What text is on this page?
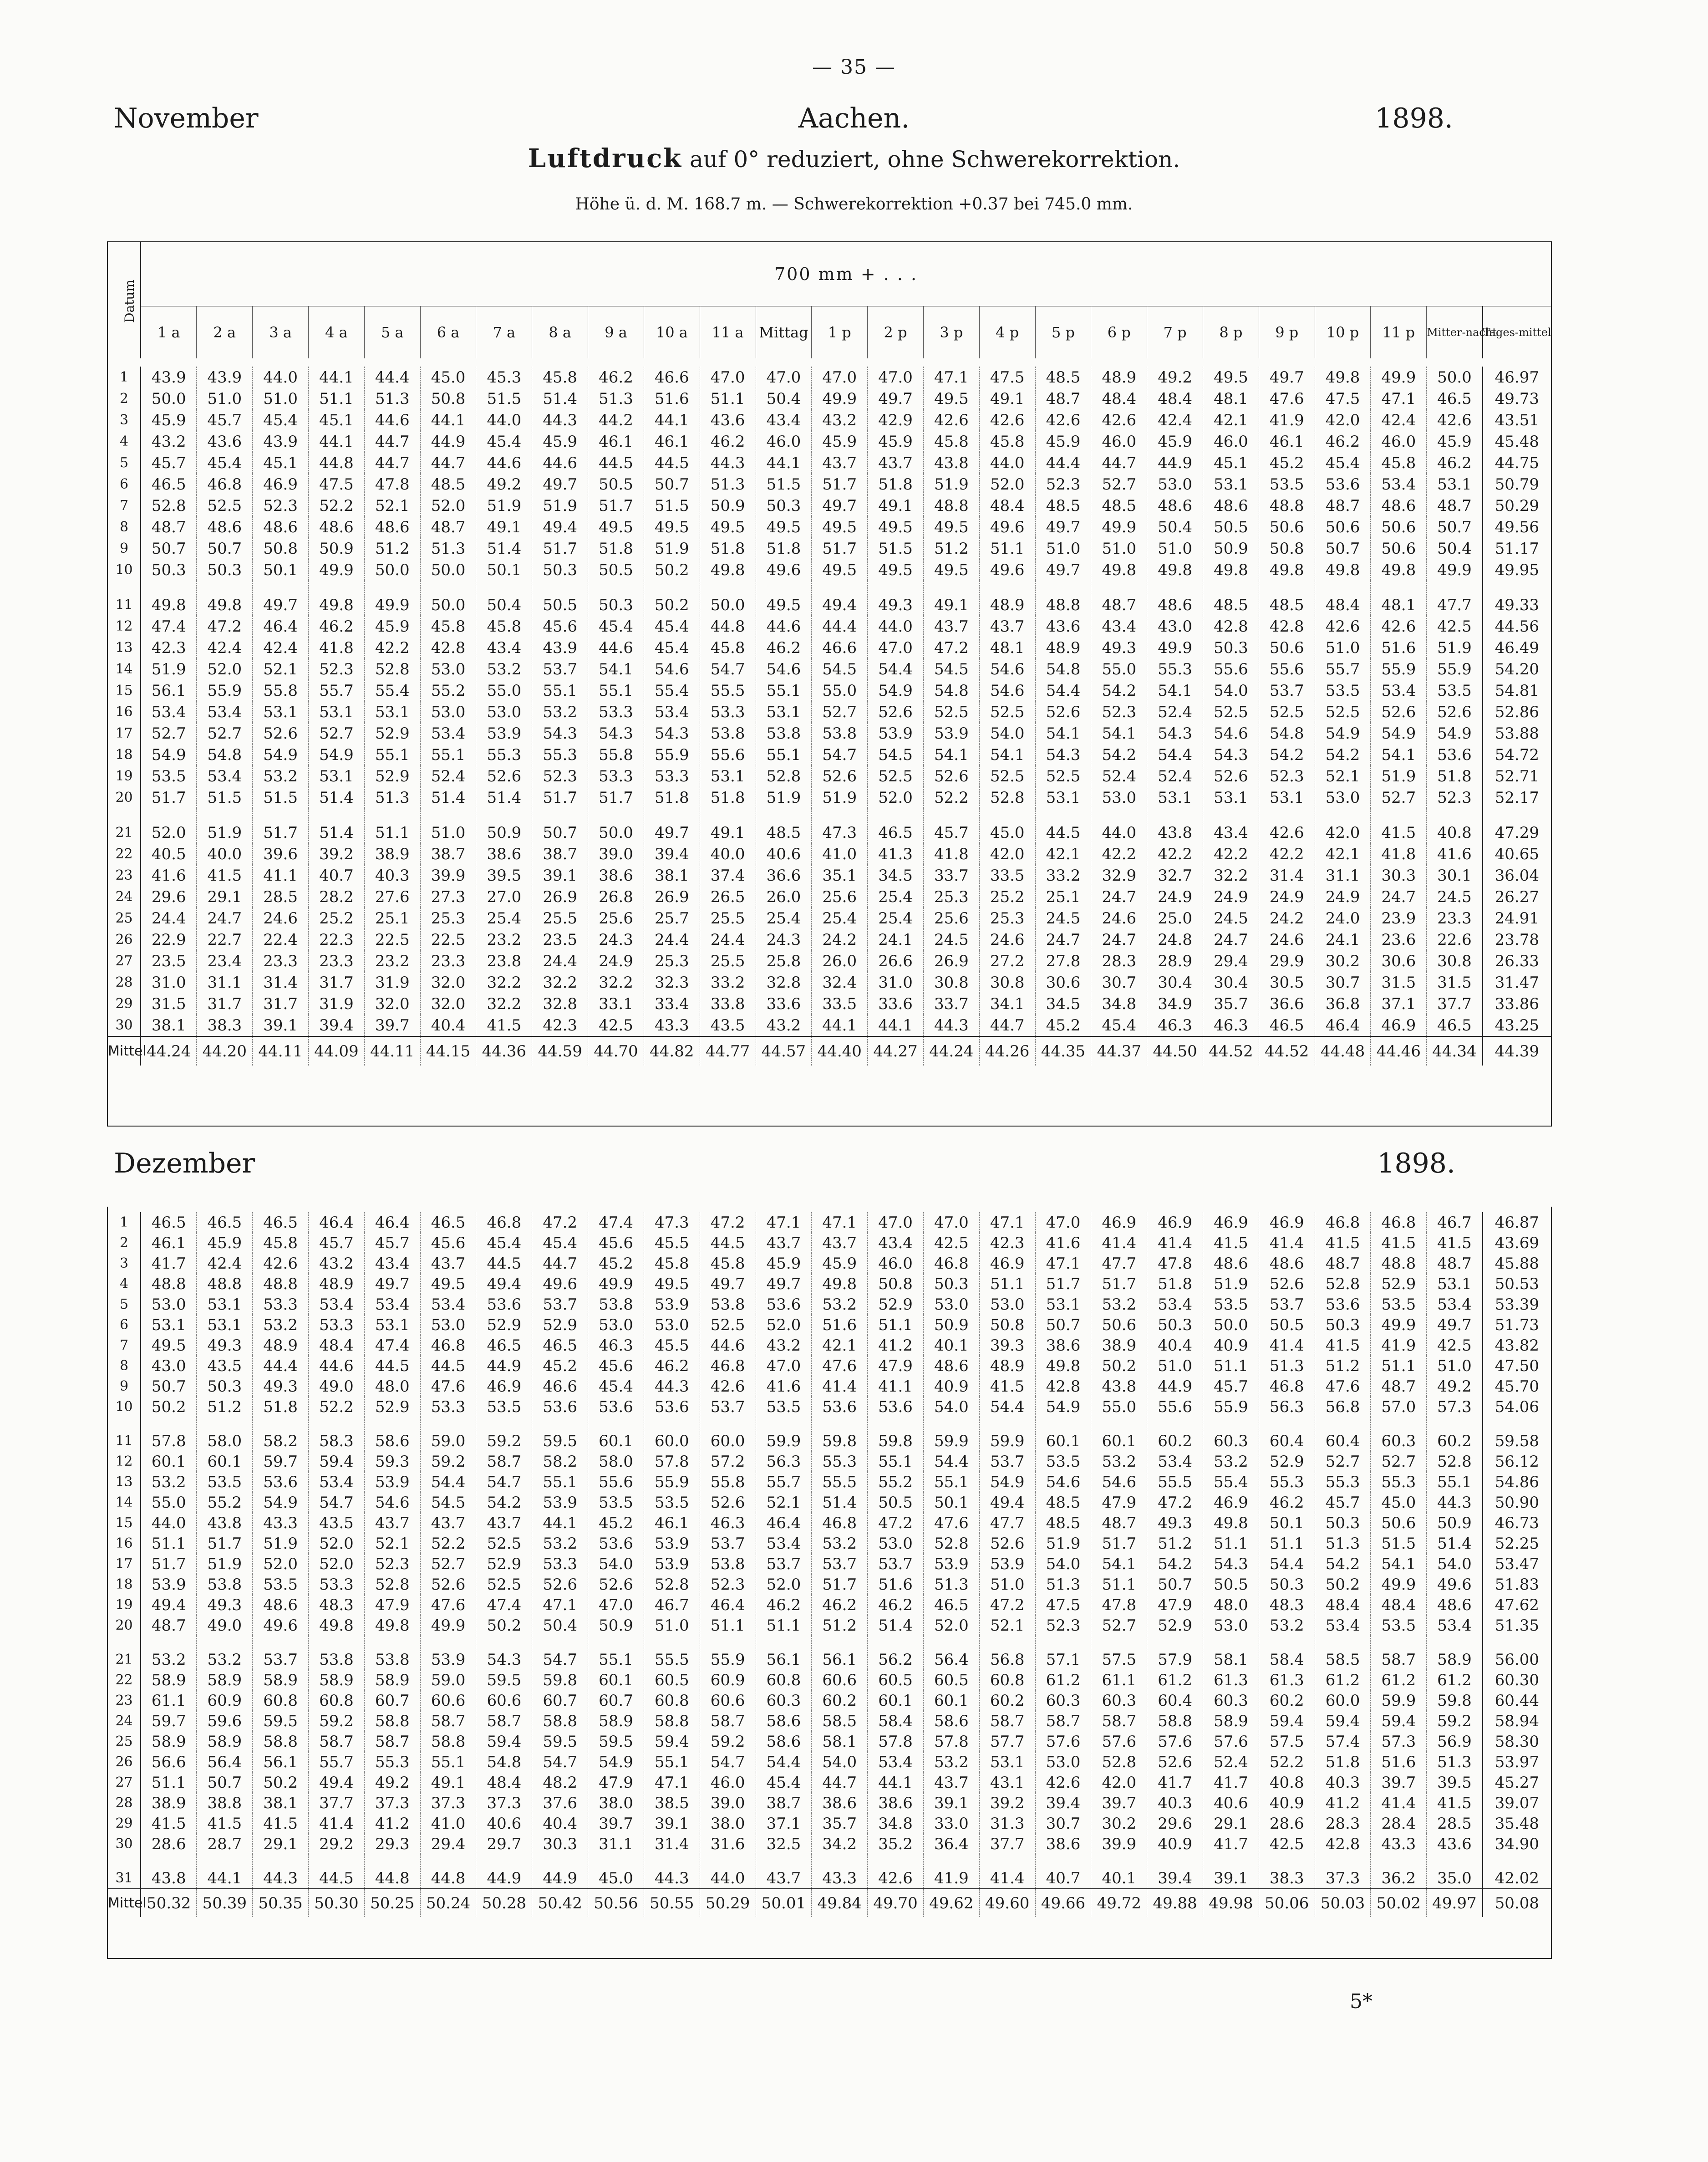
— 35 —
November	Aachen.	1898.
Luftdruck auf 0° reduziert, ohne Schwerekorrektion.
Höhe ü. d. M. 168.7 m. — Schwerekorrektion +0.37 bei 745.0 mm.
Datum	700 mm + . . .																								
	1 a	2 a	3 a	4 a	5 a	6 a	7 a	8 a	9 a	10 a	11 a	Mittag	1 p	2 p	3 p	4 p	5 p	6 p	7 p	8 p	9 p	10 p	11 p	Mitter-nacht	Tages-mittel
1	43.9	43.9	44.0	44.1	44.4	45.0	45.3	45.8	46.2	46.6	47.0	47.0	47.0	47.0	47.1	47.5	48.5	48.9	49.2	49.5	49.7	49.8	49.9	50.0	46.97
2	50.0	51.0	51.0	51.1	51.3	50.8	51.5	51.4	51.3	51.6	51.1	50.4	49.9	49.7	49.5	49.1	48.7	48.4	48.4	48.1	47.6	47.5	47.1	46.5	49.73
3	45.9	45.7	45.4	45.1	44.6	44.1	44.0	44.3	44.2	44.1	43.6	43.4	43.2	42.9	42.6	42.6	42.6	42.6	42.4	42.1	41.9	42.0	42.4	42.6	43.51
4	43.2	43.6	43.9	44.1	44.7	44.9	45.4	45.9	46.1	46.1	46.2	46.0	45.9	45.9	45.8	45.8	45.9	46.0	45.9	46.0	46.1	46.2	46.0	45.9	45.48
5	45.7	45.4	45.1	44.8	44.7	44.7	44.6	44.6	44.5	44.5	44.3	44.1	43.7	43.7	43.8	44.0	44.4	44.7	44.9	45.1	45.2	45.4	45.8	46.2	44.75
6	46.5	46.8	46.9	47.5	47.8	48.5	49.2	49.7	50.5	50.7	51.3	51.5	51.7	51.8	51.9	52.0	52.3	52.7	53.0	53.1	53.5	53.6	53.4	53.1	50.79
7	52.8	52.5	52.3	52.2	52.1	52.0	51.9	51.9	51.7	51.5	50.9	50.3	49.7	49.1	48.8	48.4	48.5	48.5	48.6	48.6	48.8	48.7	48.6	48.7	50.29
8	48.7	48.6	48.6	48.6	48.6	48.7	49.1	49.4	49.5	49.5	49.5	49.5	49.5	49.5	49.5	49.6	49.7	49.9	50.4	50.5	50.6	50.6	50.6	50.7	49.56
9	50.7	50.7	50.8	50.9	51.2	51.3	51.4	51.7	51.8	51.9	51.8	51.8	51.7	51.5	51.2	51.1	51.0	51.0	51.0	50.9	50.8	50.7	50.6	50.4	51.17
10	50.3	50.3	50.1	49.9	50.0	50.0	50.1	50.3	50.5	50.2	49.8	49.6	49.5	49.5	49.5	49.6	49.7	49.8	49.8	49.8	49.8	49.8	49.8	49.9	49.95
11	49.8	49.8	49.7	49.8	49.9	50.0	50.4	50.5	50.3	50.2	50.0	49.5	49.4	49.3	49.1	48.9	48.8	48.7	48.6	48.5	48.5	48.4	48.1	47.7	49.33
12	47.4	47.2	46.4	46.2	45.9	45.8	45.8	45.6	45.4	45.4	44.8	44.6	44.4	44.0	43.7	43.7	43.6	43.4	43.0	42.8	42.8	42.6	42.6	42.5	44.56
13	42.3	42.4	42.4	41.8	42.2	42.8	43.4	43.9	44.6	45.4	45.8	46.2	46.6	47.0	47.2	48.1	48.9	49.3	49.9	50.3	50.6	51.0	51.6	51.9	46.49
14	51.9	52.0	52.1	52.3	52.8	53.0	53.2	53.7	54.1	54.6	54.7	54.6	54.5	54.4	54.5	54.6	54.8	55.0	55.3	55.6	55.6	55.7	55.9	55.9	54.20
15	56.1	55.9	55.8	55.7	55.4	55.2	55.0	55.1	55.1	55.4	55.5	55.1	55.0	54.9	54.8	54.6	54.4	54.2	54.1	54.0	53.7	53.5	53.4	53.5	54.81
16	53.4	53.4	53.1	53.1	53.1	53.0	53.0	53.2	53.3	53.4	53.3	53.1	52.7	52.6	52.5	52.5	52.6	52.3	52.4	52.5	52.5	52.5	52.6	52.6	52.86
17	52.7	52.7	52.6	52.7	52.9	53.4	53.9	54.3	54.3	54.3	53.8	53.8	53.8	53.9	53.9	54.0	54.1	54.1	54.3	54.6	54.8	54.9	54.9	54.9	53.88
18	54.9	54.8	54.9	54.9	55.1	55.1	55.3	55.3	55.8	55.9	55.6	55.1	54.7	54.5	54.1	54.1	54.3	54.2	54.4	54.3	54.2	54.2	54.1	53.6	54.72
19	53.5	53.4	53.2	53.1	52.9	52.4	52.6	52.3	53.3	53.3	53.1	52.8	52.6	52.5	52.6	52.5	52.5	52.4	52.4	52.6	52.3	52.1	51.9	51.8	52.71
20	51.7	51.5	51.5	51.4	51.3	51.4	51.4	51.7	51.7	51.8	51.8	51.9	51.9	52.0	52.2	52.8	53.1	53.0	53.1	53.1	53.1	53.0	52.7	52.3	52.17
21	52.0	51.9	51.7	51.4	51.1	51.0	50.9	50.7	50.0	49.7	49.1	48.5	47.3	46.5	45.7	45.0	44.5	44.0	43.8	43.4	42.6	42.0	41.5	40.8	47.29
22	40.5	40.0	39.6	39.2	38.9	38.7	38.6	38.7	39.0	39.4	40.0	40.6	41.0	41.3	41.8	42.0	42.1	42.2	42.2	42.2	42.2	42.1	41.8	41.6	40.65
23	41.6	41.5	41.1	40.7	40.3	39.9	39.5	39.1	38.6	38.1	37.4	36.6	35.1	34.5	33.7	33.5	33.2	32.9	32.7	32.2	31.4	31.1	30.3	30.1	36.04
24	29.6	29.1	28.5	28.2	27.6	27.3	27.0	26.9	26.8	26.9	26.5	26.0	25.6	25.4	25.3	25.2	25.1	24.7	24.9	24.9	24.9	24.9	24.7	24.5	26.27
25	24.4	24.7	24.6	25.2	25.1	25.3	25.4	25.5	25.6	25.7	25.5	25.4	25.4	25.4	25.6	25.3	24.5	24.6	25.0	24.5	24.2	24.0	23.9	23.3	24.91
26	22.9	22.7	22.4	22.3	22.5	22.5	23.2	23.5	24.3	24.4	24.4	24.3	24.2	24.1	24.5	24.6	24.7	24.7	24.8	24.7	24.6	24.1	23.6	22.6	23.78
27	23.5	23.4	23.3	23.3	23.2	23.3	23.8	24.4	24.9	25.3	25.5	25.8	26.0	26.6	26.9	27.2	27.8	28.3	28.9	29.4	29.9	30.2	30.6	30.8	26.33
28	31.0	31.1	31.4	31.7	31.9	32.0	32.2	32.2	32.2	32.3	33.2	32.8	32.4	31.0	30.8	30.8	30.6	30.7	30.4	30.4	30.5	30.7	31.5	31.5	31.47
29	31.5	31.7	31.7	31.9	32.0	32.0	32.2	32.8	33.1	33.4	33.8	33.6	33.5	33.6	33.7	34.1	34.5	34.8	34.9	35.7	36.6	36.8	37.1	37.7	33.86
30	38.1	38.3	39.1	39.4	39.7	40.4	41.5	42.3	42.5	43.3	43.5	43.2	44.1	44.1	44.3	44.7	45.2	45.4	46.3	46.3	46.5	46.4	46.9	46.5	43.25
Mittel	44.24	44.20	44.11	44.09	44.11	44.15	44.36	44.59	44.70	44.82	44.77	44.57	44.40	44.27	44.24	44.26	44.35	44.37	44.50	44.52	44.52	44.48	44.46	44.34	44.39
Dezember	1898.
1	46.5	46.5	46.5	46.4	46.4	46.5	46.8	47.2	47.4	47.3	47.2	47.1	47.1	47.0	47.0	47.1	47.0	46.9	46.9	46.9	46.9	46.8	46.8	46.7	46.87
2	46.1	45.9	45.8	45.7	45.7	45.6	45.4	45.4	45.6	45.5	44.5	43.7	43.7	43.4	42.5	42.3	41.6	41.4	41.4	41.5	41.4	41.5	41.5	41.5	43.69
3	41.7	42.4	42.6	43.2	43.4	43.7	44.5	44.7	45.2	45.8	45.8	45.9	45.9	46.0	46.8	46.9	47.1	47.7	47.8	48.6	48.6	48.7	48.8	48.7	45.88
4	48.8	48.8	48.8	48.9	49.7	49.5	49.4	49.6	49.9	49.5	49.7	49.7	49.8	50.8	50.3	51.1	51.7	51.7	51.8	51.9	52.6	52.8	52.9	53.1	50.53
5	53.0	53.1	53.3	53.4	53.4	53.4	53.6	53.7	53.8	53.9	53.8	53.6	53.2	52.9	53.0	53.0	53.1	53.2	53.4	53.5	53.7	53.6	53.5	53.4	53.39
6	53.1	53.1	53.2	53.3	53.1	53.0	52.9	52.9	53.0	53.0	52.5	52.0	51.6	51.1	50.9	50.8	50.7	50.6	50.3	50.0	50.5	50.3	49.9	49.7	51.73
7	49.5	49.3	48.9	48.4	47.4	46.8	46.5	46.5	46.3	45.5	44.6	43.2	42.1	41.2	40.1	39.3	38.6	38.9	40.4	40.9	41.4	41.5	41.9	42.5	43.82
8	43.0	43.5	44.4	44.6	44.5	44.5	44.9	45.2	45.6	46.2	46.8	47.0	47.6	47.9	48.6	48.9	49.8	50.2	51.0	51.1	51.3	51.2	51.1	51.0	47.50
9	50.7	50.3	49.3	49.0	48.0	47.6	46.9	46.6	45.4	44.3	42.6	41.6	41.4	41.1	40.9	41.5	42.8	43.8	44.9	45.7	46.8	47.6	48.7	49.2	45.70
10	50.2	51.2	51.8	52.2	52.9	53.3	53.5	53.6	53.6	53.6	53.7	53.5	53.6	53.6	54.0	54.4	54.9	55.0	55.6	55.9	56.3	56.8	57.0	57.3	54.06
11	57.8	58.0	58.2	58.3	58.6	59.0	59.2	59.5	60.1	60.0	60.0	59.9	59.8	59.8	59.9	59.9	60.1	60.1	60.2	60.3	60.4	60.4	60.3	60.2	59.58
12	60.1	60.1	59.7	59.4	59.3	59.2	58.7	58.2	58.0	57.8	57.2	56.3	55.3	55.1	54.4	53.7	53.5	53.2	53.4	53.2	52.9	52.7	52.7	52.8	56.12
13	53.2	53.5	53.6	53.4	53.9	54.4	54.7	55.1	55.6	55.9	55.8	55.7	55.5	55.2	55.1	54.9	54.6	54.6	55.5	55.4	55.3	55.3	55.3	55.1	54.86
14	55.0	55.2	54.9	54.7	54.6	54.5	54.2	53.9	53.5	53.5	52.6	52.1	51.4	50.5	50.1	49.4	48.5	47.9	47.2	46.9	46.2	45.7	45.0	44.3	50.90
15	44.0	43.8	43.3	43.5	43.7	43.7	43.7	44.1	45.2	46.1	46.3	46.4	46.8	47.2	47.6	47.7	48.5	48.7	49.3	49.8	50.1	50.3	50.6	50.9	46.73
16	51.1	51.7	51.9	52.0	52.1	52.2	52.5	53.2	53.6	53.9	53.7	53.4	53.2	53.0	52.8	52.6	51.9	51.7	51.2	51.1	51.1	51.3	51.5	51.4	52.25
17	51.7	51.9	52.0	52.0	52.3	52.7	52.9	53.3	54.0	53.9	53.8	53.7	53.7	53.7	53.9	53.9	54.0	54.1	54.2	54.3	54.4	54.2	54.1	54.0	53.47
18	53.9	53.8	53.5	53.3	52.8	52.6	52.5	52.6	52.6	52.8	52.3	52.0	51.7	51.6	51.3	51.0	51.3	51.1	50.7	50.5	50.3	50.2	49.9	49.6	51.83
19	49.4	49.3	48.6	48.3	47.9	47.6	47.4	47.1	47.0	46.7	46.4	46.2	46.2	46.2	46.5	47.2	47.5	47.8	47.9	48.0	48.3	48.4	48.4	48.6	47.62
20	48.7	49.0	49.6	49.8	49.8	49.9	50.2	50.4	50.9	51.0	51.1	51.1	51.2	51.4	52.0	52.1	52.3	52.7	52.9	53.0	53.2	53.4	53.5	53.4	51.35
21	53.2	53.2	53.7	53.8	53.8	53.9	54.3	54.7	55.1	55.5	55.9	56.1	56.1	56.2	56.4	56.8	57.1	57.5	57.9	58.1	58.4	58.5	58.7	58.9	56.00
22	58.9	58.9	58.9	58.9	58.9	59.0	59.5	59.8	60.1	60.5	60.9	60.8	60.6	60.5	60.5	60.8	61.2	61.1	61.2	61.3	61.3	61.2	61.2	61.2	60.30
23	61.1	60.9	60.8	60.8	60.7	60.6	60.6	60.7	60.7	60.8	60.6	60.3	60.2	60.1	60.1	60.2	60.3	60.3	60.4	60.3	60.2	60.0	59.9	59.8	60.44
24	59.7	59.6	59.5	59.2	58.8	58.7	58.7	58.8	58.9	58.8	58.7	58.6	58.5	58.4	58.6	58.7	58.7	58.7	58.8	58.9	59.4	59.4	59.4	59.2	58.94
25	58.9	58.9	58.8	58.7	58.7	58.8	59.4	59.5	59.5	59.4	59.2	58.6	58.1	57.8	57.8	57.7	57.6	57.6	57.6	57.6	57.5	57.4	57.3	56.9	58.30
26	56.6	56.4	56.1	55.7	55.3	55.1	54.8	54.7	54.9	55.1	54.7	54.4	54.0	53.4	53.2	53.1	53.0	52.8	52.6	52.4	52.2	51.8	51.6	51.3	53.97
27	51.1	50.7	50.2	49.4	49.2	49.1	48.4	48.2	47.9	47.1	46.0	45.4	44.7	44.1	43.7	43.1	42.6	42.0	41.7	41.7	40.8	40.3	39.7	39.5	45.27
28	38.9	38.8	38.1	37.7	37.3	37.3	37.3	37.6	38.0	38.5	39.0	38.7	38.6	38.6	39.1	39.2	39.4	39.7	40.3	40.6	40.9	41.2	41.4	41.5	39.07
29	41.5	41.5	41.5	41.4	41.2	41.0	40.6	40.4	39.7	39.1	38.0	37.1	35.7	34.8	33.0	31.3	30.7	30.2	29.6	29.1	28.6	28.3	28.4	28.5	35.48
30	28.6	28.7	29.1	29.2	29.3	29.4	29.7	30.3	31.1	31.4	31.6	32.5	34.2	35.2	36.4	37.7	38.6	39.9	40.9	41.7	42.5	42.8	43.3	43.6	34.90
31	43.8	44.1	44.3	44.5	44.8	44.8	44.9	44.9	45.0	44.3	44.0	43.7	43.3	42.6	41.9	41.4	40.7	40.1	39.4	39.1	38.3	37.3	36.2	35.0	42.02
Mittel	50.32	50.39	50.35	50.30	50.25	50.24	50.28	50.42	50.56	50.55	50.29	50.01	49.84	49.70	49.62	49.60	49.66	49.72	49.88	49.98	50.06	50.03	50.02	49.97	50.08
5*
